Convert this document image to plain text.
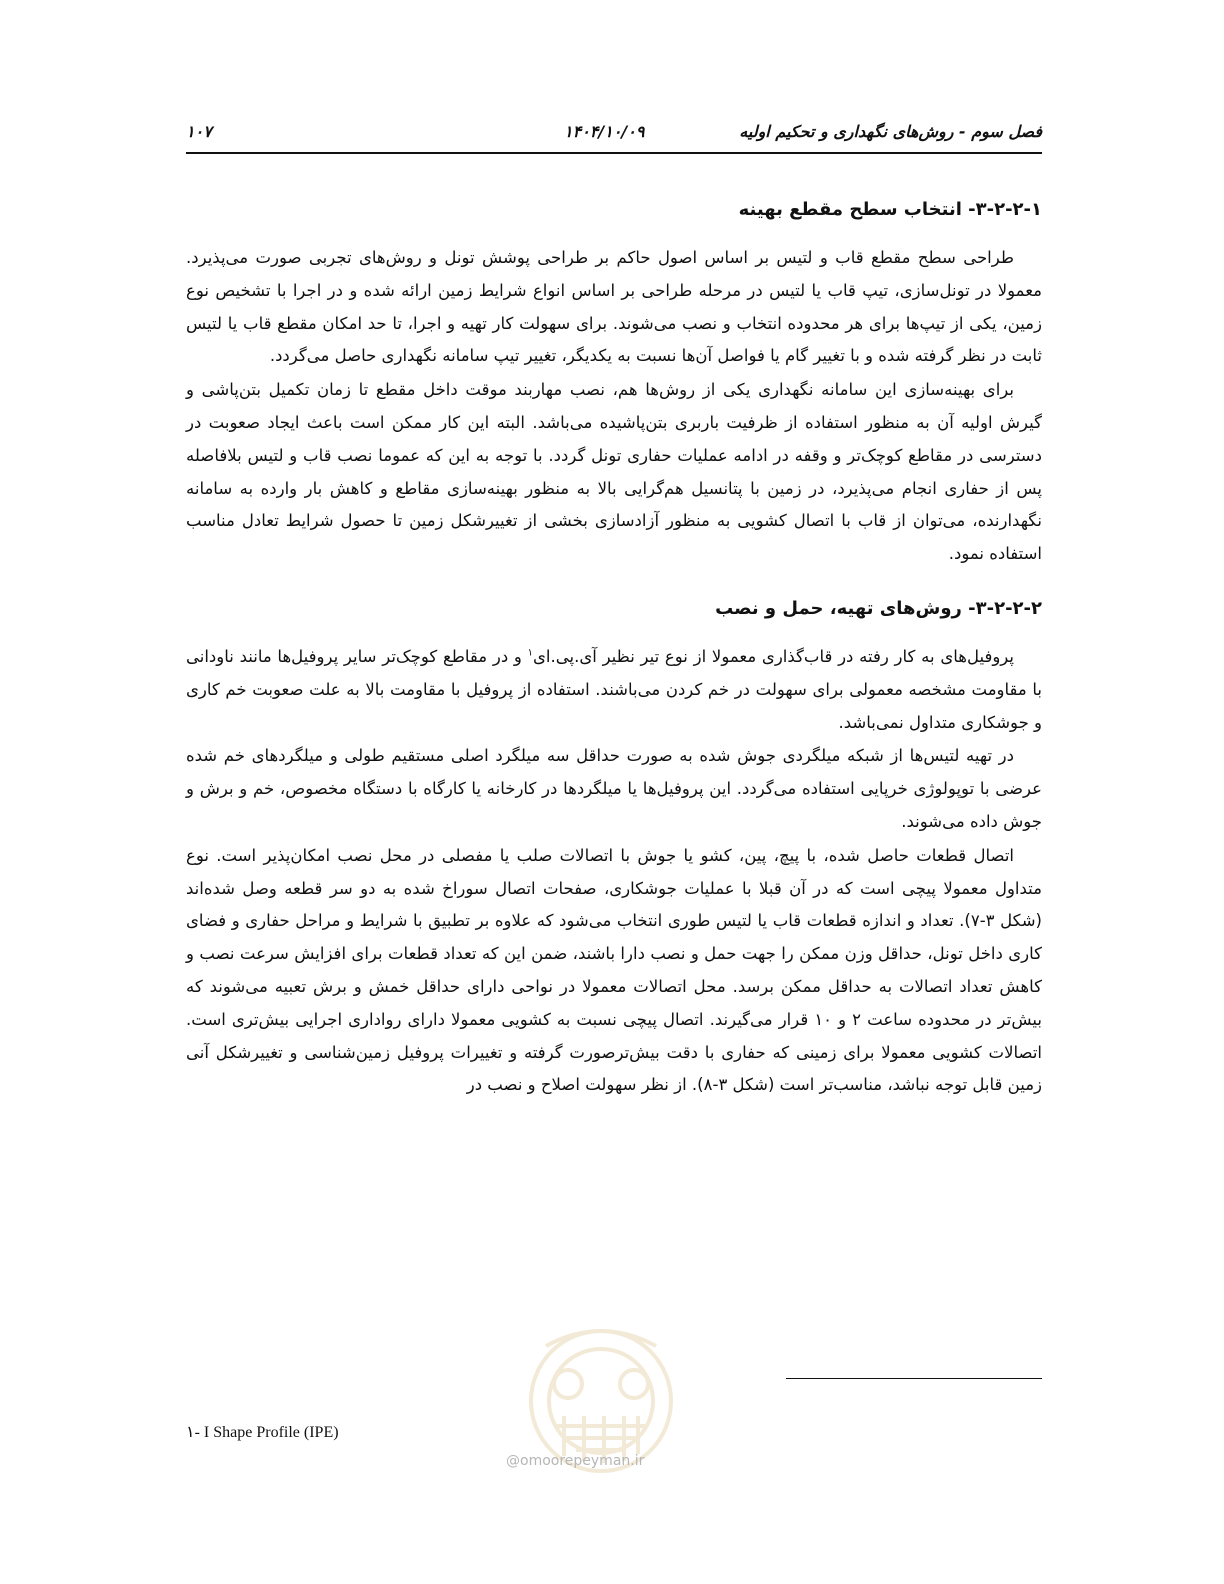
فصل سوم - روش‌های نگهداری و تحکیم اولیه
۱۴۰۴/۱۰/۰۹
۱۰۷
۳-۲-۲-۱- انتخاب سطح مقطع بهینه

طراحی سطح مقطع قاب و لتیس بر اساس اصول حاکم بر طراحی پوشش تونل و روش‌های تجربی صورت می‌پذیرد. معمولا در تونل‌سازی، تیپ قاب یا لتیس در مرحله طراحی بر اساس انواع شرایط زمین ارائه شده و در اجرا با تشخیص نوع زمین، یکی از تیپ‌ها برای هر محدوده انتخاب و نصب می‌شوند. برای سهولت کار تهیه و اجرا، تا حد امکان مقطع قاب یا لتیس ثابت در نظر گرفته شده و با تغییر گام یا فواصل آن‌ها نسبت به یکدیگر، تغییر تیپ سامانه نگهداری حاصل می‌گردد.

برای بهینه‌سازی این سامانه نگهداری یکی از روش‌ها هم، نصب مهاربند موقت داخل مقطع تا زمان تکمیل بتن‌پاشی و گیرش اولیه آن به منظور استفاده از ظرفیت باربری بتن‌پاشیده می‌باشد. البته این کار ممکن است باعث ایجاد صعوبت در دسترسی در مقاطع کوچک‌تر و وقفه در ادامه عملیات حفاری تونل گردد. با توجه به این که عموما نصب قاب و لتیس بلافاصله پس از حفاری انجام می‌پذیرد، در زمین با پتانسیل هم‌گرایی بالا به منظور بهینه‌سازی مقاطع و کاهش بار وارده به سامانه نگهدارنده، می‌توان از قاب با اتصال کشویی به منظور آزادسازی بخشی از تغییرشکل زمین تا حصول شرایط تعادل مناسب استفاده نمود.

۳-۲-۲-۲- روش‌های تهیه، حمل و نصب

پروفیل‌های به کار رفته در قاب‌گذاری معمولا از نوع تیر نظیر آی.پی.ای$^۱$ و در مقاطع کوچک‌تر سایر پروفیل‌ها مانند ناودانی با مقاومت مشخصه معمولی برای سهولت در خم کردن می‌باشند. استفاده از پروفیل با مقاومت بالا به علت صعوبت خم کاری و جوشکاری متداول نمی‌باشد.

در تهیه لتیس‌ها از شبکه میلگردی جوش شده به صورت حداقل سه میلگرد اصلی مستقیم طولی و میلگردهای خم شده عرضی با توپولوژی خرپایی استفاده می‌گردد. این پروفیل‌ها یا میلگردها در کارخانه یا کارگاه با دستگاه مخصوص، خم و برش و جوش داده می‌شوند.

اتصال قطعات حاصل شده، با پیچ، پین، کشو یا جوش با اتصالات صلب یا مفصلی در محل نصب امکان‌پذیر است. نوع متداول معمولا پیچی است که در آن قبلا با عملیات جوشکاری، صفحات اتصال سوراخ شده به دو سر قطعه وصل شده‌اند (شکل ۳-۷). تعداد و اندازه قطعات قاب یا لتیس طوری انتخاب می‌شود که علاوه بر تطبیق با شرایط و مراحل حفاری و فضای کاری داخل تونل، حداقل وزن ممکن را جهت حمل و نصب دارا باشند، ضمن این که تعداد قطعات برای افزایش سرعت نصب و کاهش تعداد اتصالات به حداقل ممکن برسد. محل اتصالات معمولا در نواحی دارای حداقل خمش و برش تعبیه می‌شوند که بیش‌تر در محدوده ساعت ۲ و ۱۰ قرار می‌گیرند. اتصال پیچی نسبت به کشویی معمولا دارای رواداری اجرایی بیش‌تری است. اتصالات کشویی معمولا برای زمینی که حفاری با دقت بیش‌ترصورت گرفته و تغییرات پروفیل زمین‌شناسی و تغییرشکل آنی زمین قابل توجه نباشد، مناسب‌تر است (شکل ۳-۸). از نظر سهولت اصلاح و نصب در

۱- I Shape Profile (IPE)
@omoorepeyman.ir
